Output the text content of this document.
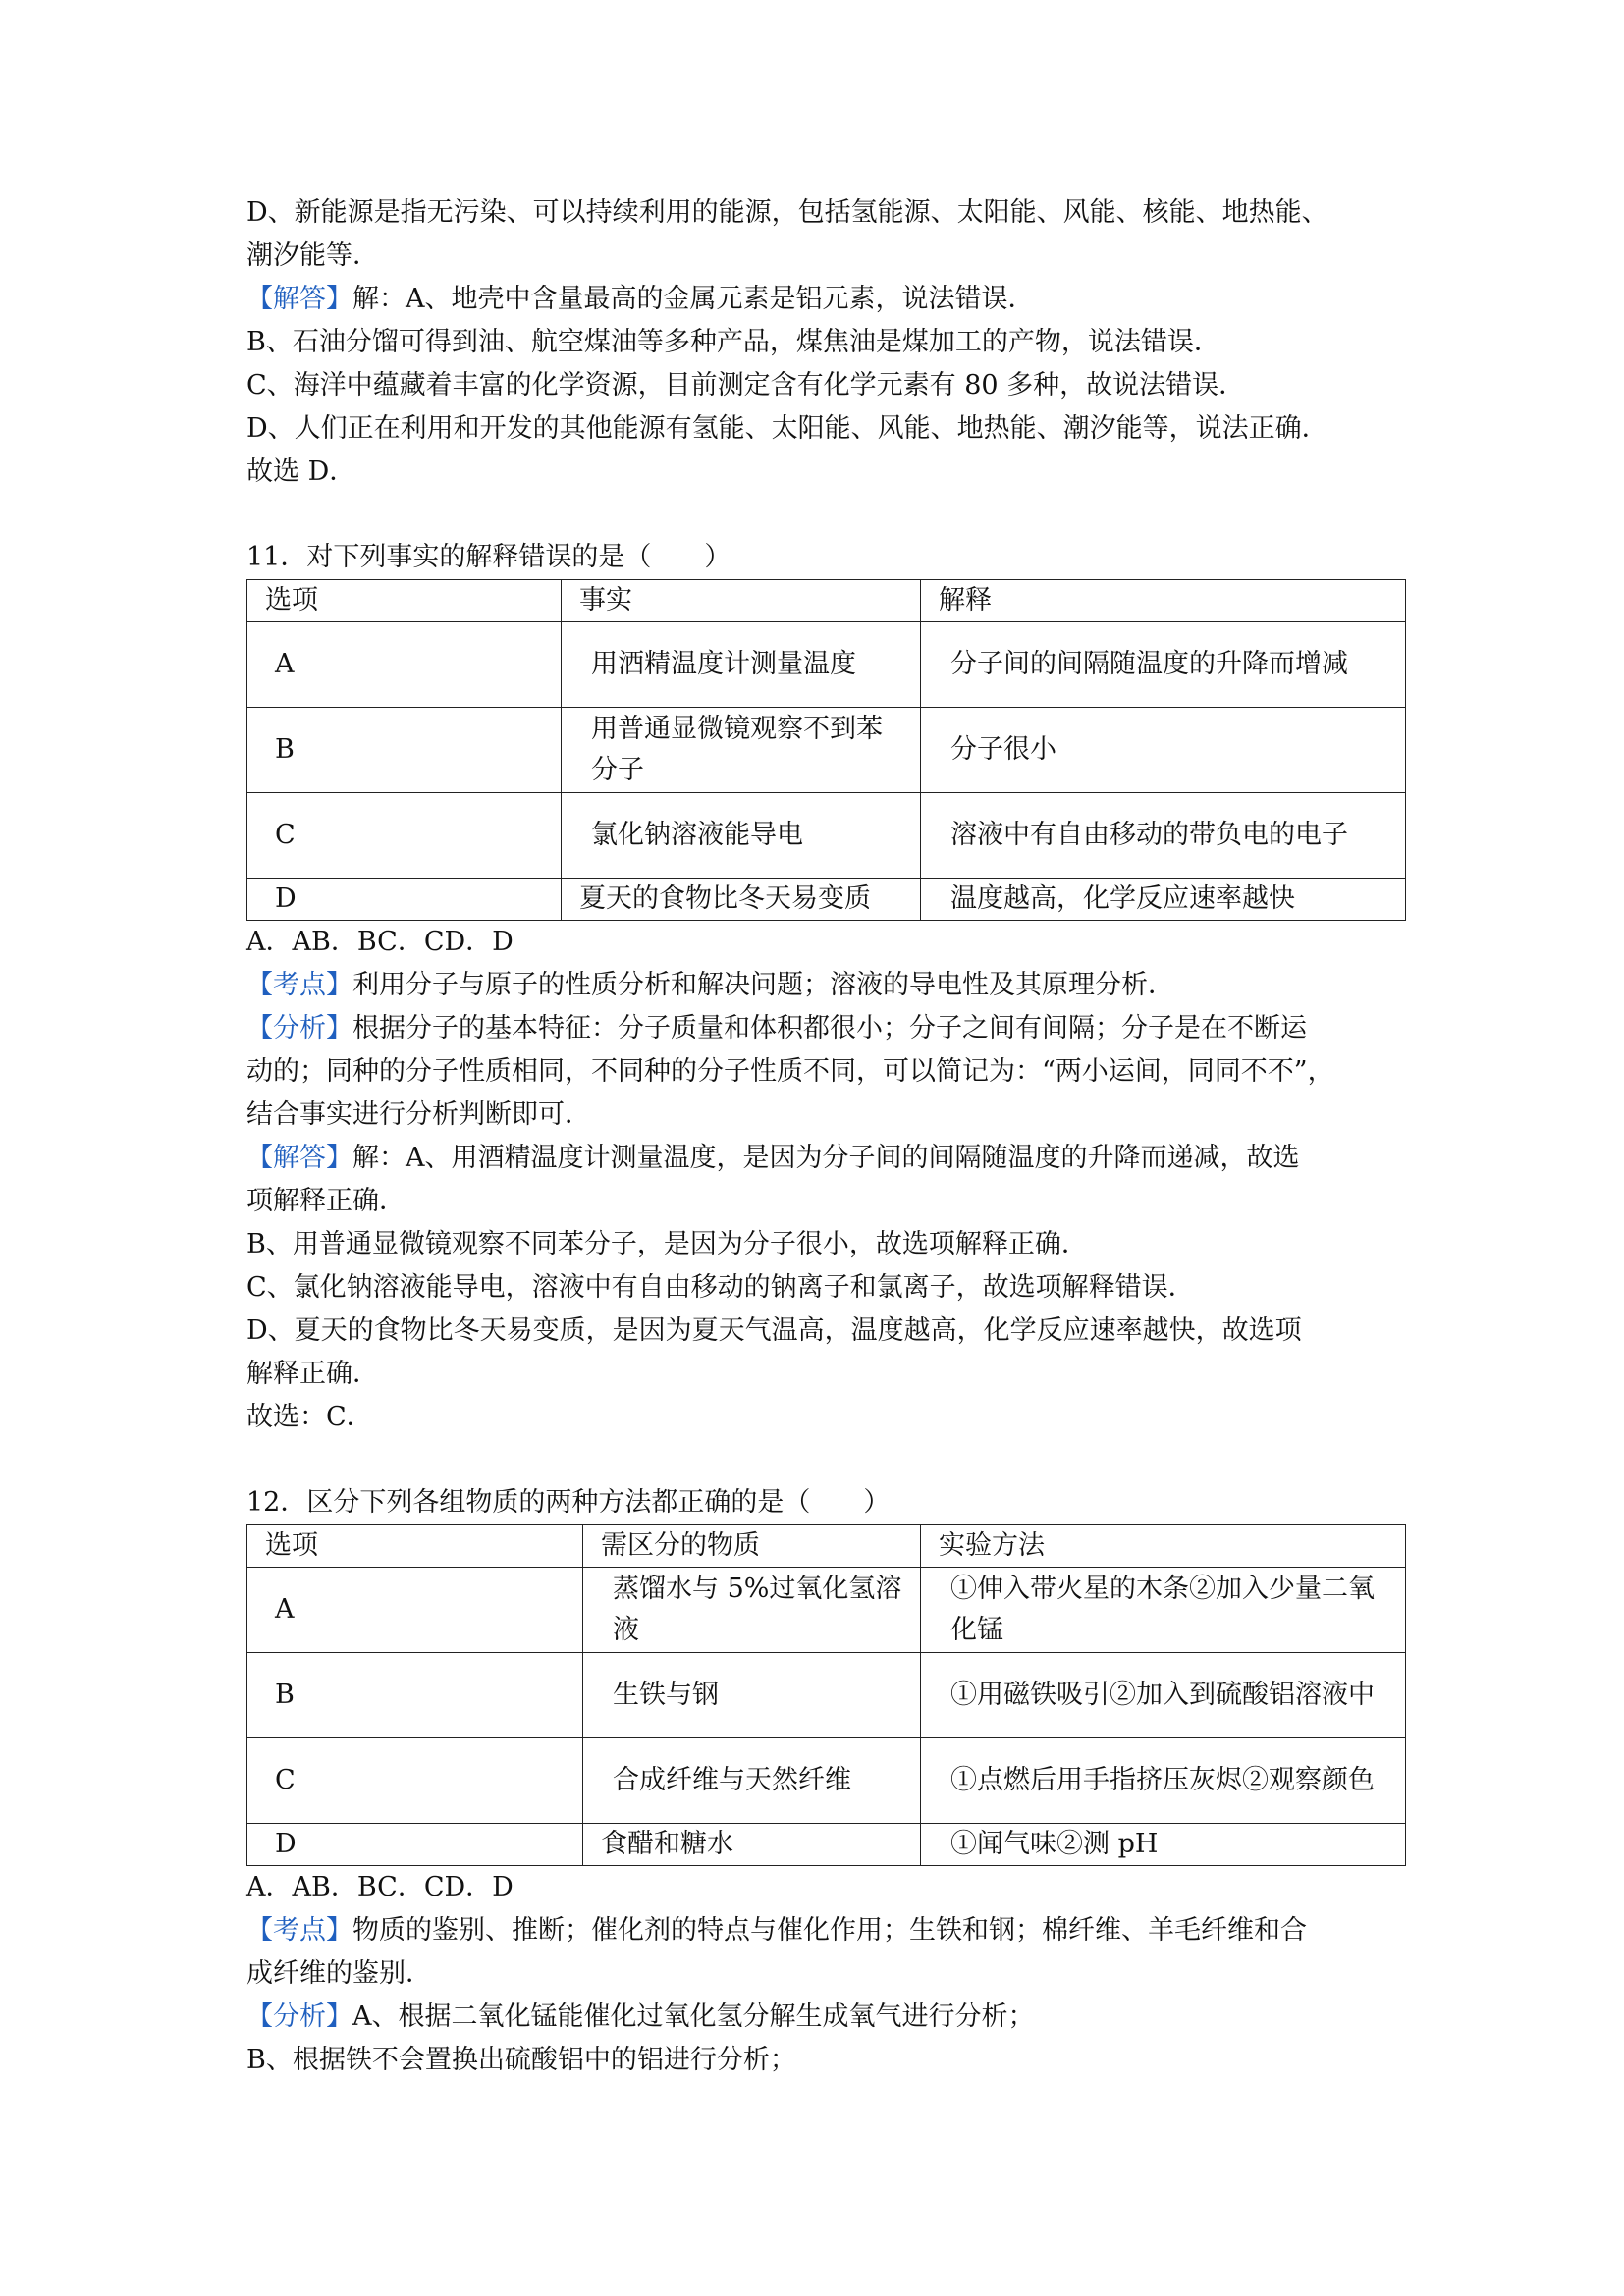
D、新能源是指无污染、可以持续利用的能源，包括氢能源、太阳能、风能、核能、地热能、

潮汐能等．

【解答】解：A、地壳中含量最高的金属元素是铝元素，说法错误．

B、石油分馏可得到油、航空煤油等多种产品，煤焦油是煤加工的产物，说法错误．

C、海洋中蕴藏着丰富的化学资源，目前测定含有化学元素有 80 多种，故说法错误．

D、人们正在利用和开发的其他能源有氢能、太阳能、风能、地热能、潮汐能等，说法正确．

故选 D．

11．对下列事实的解释错误的是（　　）

选项	事实	解释
A	用酒精温度计测量温度	分子间的间隔随温度的升降而增减
B	用普通显微镜观察不到苯分子	分子很小
C	氯化钠溶液能导电	溶液中有自由移动的带负电的电子
D	夏天的食物比冬天易变质	温度越高，化学反应速率越快

A．AB．BC．CD．D

【考点】利用分子与原子的性质分析和解决问题；溶液的导电性及其原理分析．

【分析】根据分子的基本特征：分子质量和体积都很小；分子之间有间隔；分子是在不断运

动的；同种的分子性质相同，不同种的分子性质不同，可以简记为：“两小运间，同同不不”，

结合事实进行分析判断即可．

【解答】解：A、用酒精温度计测量温度，是因为分子间的间隔随温度的升降而递减，故选

项解释正确．

B、用普通显微镜观察不同苯分子，是因为分子很小，故选项解释正确．

C、氯化钠溶液能导电，溶液中有自由移动的钠离子和氯离子，故选项解释错误．

D、夏天的食物比冬天易变质，是因为夏天气温高，温度越高，化学反应速率越快，故选项

解释正确．

故选：C．

12．区分下列各组物质的两种方法都正确的是（　　）

选项	需区分的物质	实验方法
A	蒸馏水与 5%过氧化氢溶液	①伸入带火星的木条②加入少量二氧化锰
B	生铁与钢	①用磁铁吸引②加入到硫酸铝溶液中
C	合成纤维与天然纤维	①点燃后用手指挤压灰烬②观察颜色
D	食醋和糖水	①闻气味②测 pH

A．AB．BC．CD．D

【考点】物质的鉴别、推断；催化剂的特点与催化作用；生铁和钢；棉纤维、羊毛纤维和合

成纤维的鉴别．

【分析】A、根据二氧化锰能催化过氧化氢分解生成氧气进行分析；

B、根据铁不会置换出硫酸铝中的铝进行分析；
